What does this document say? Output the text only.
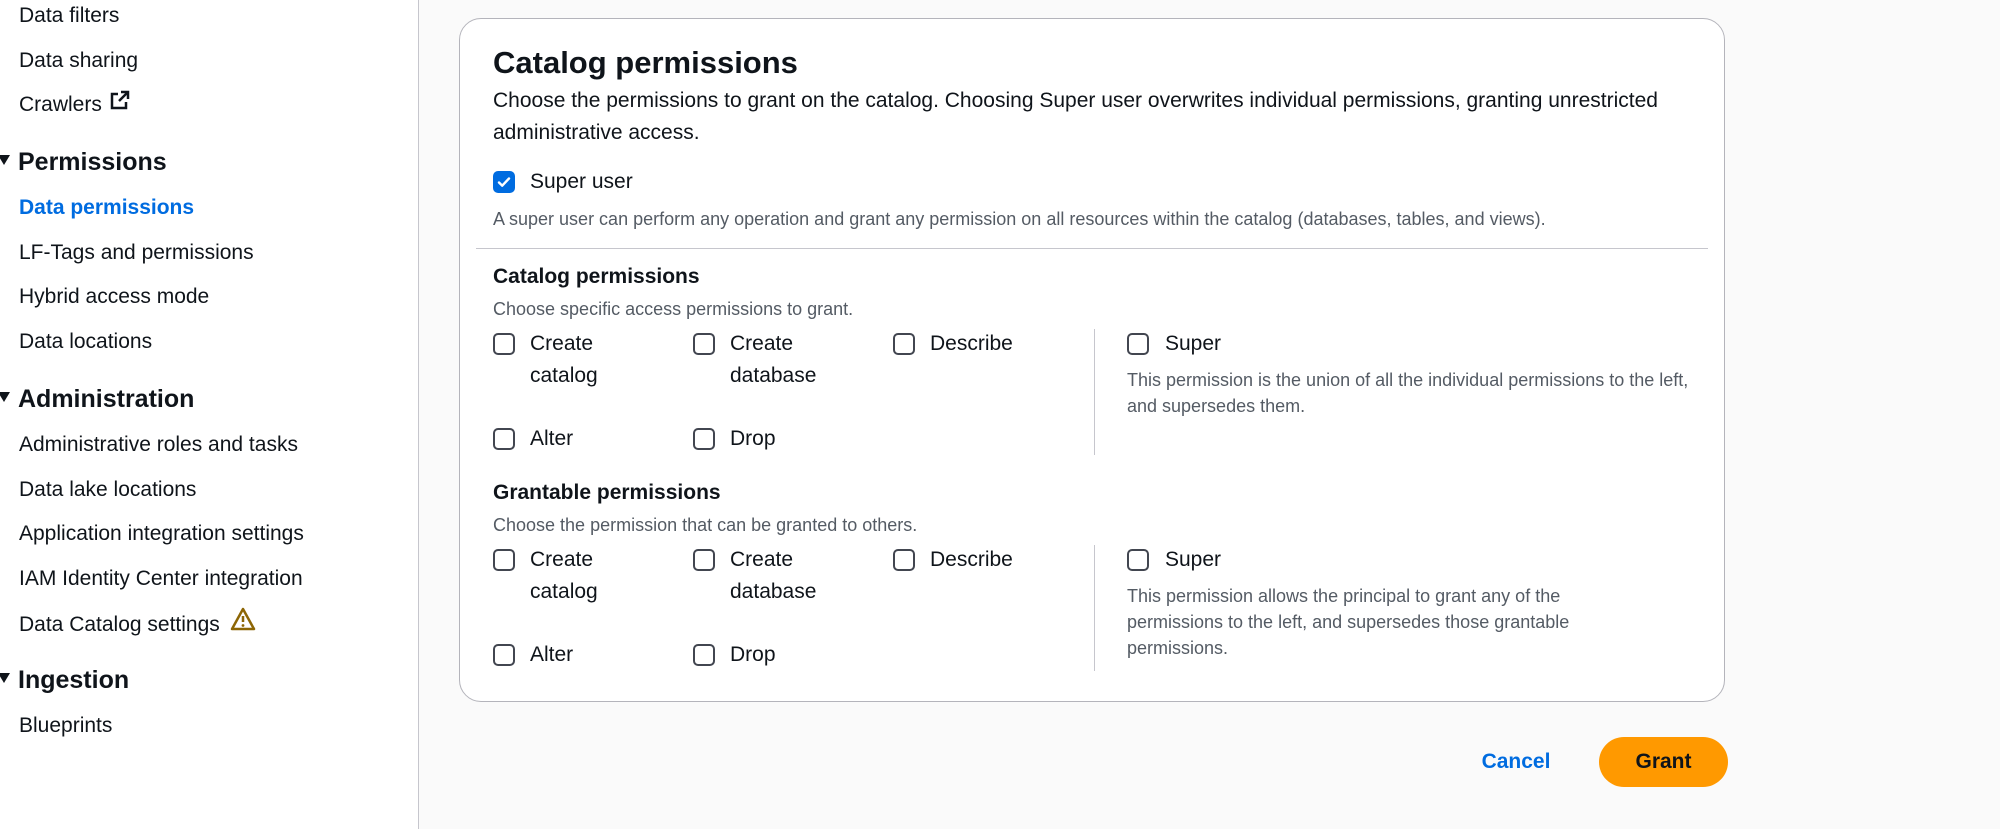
Data filters
Data sharing
Crawlers
Permissions
Data permissions
LF-Tags and permissions
Hybrid access mode
Data locations
Administration
Administrative roles and tasks
Data lake locations
Application integration settings
IAM Identity Center integration
Data Catalog settings
Ingestion
Blueprints
Catalog permissions

Choose the permissions to grant on the catalog. Choosing Super user overwrites individual permissions, granting unrestricted administrative access.

Super user

A super user can perform any operation and grant any permission on all resources within the catalog (databases, tables, and views).

Catalog permissions

Choose specific access permissions to grant.

Create catalog
Create database
Describe
Alter	Drop
Super

This permission is the union of all the individual permissions to the left, and supersedes them.

Grantable permissions

Choose the permission that can be granted to others.

Create catalog
Create database
Describe
Alter	Drop
Super

This permission allows the principal to grant any of the permissions to the left, and supersedes those grantable permissions.

Cancel	Grant
